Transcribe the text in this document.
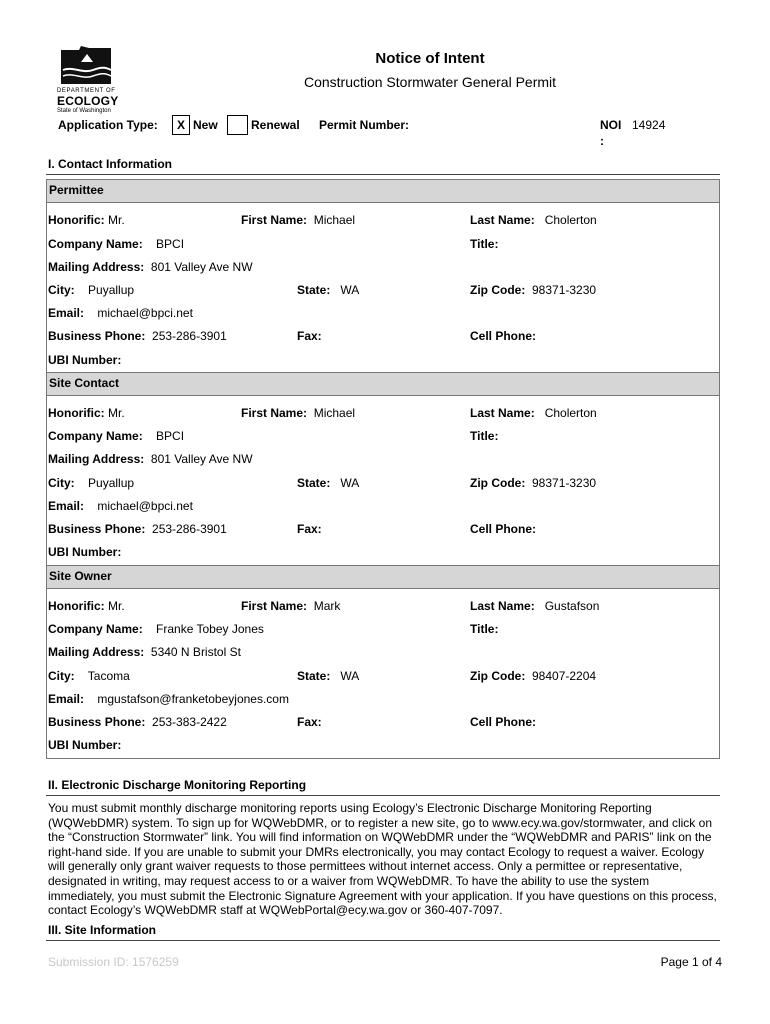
DEPARTMENT OF
ECOLOGY
State of Washington
Notice of Intent
Construction Stormwater General Permit
Application Type:	X New	Renewal Permit Number:	NOI
:
14924
I. Contact Information
Permittee
Honorific: Mr.	First Name: Michael	Last Name: Cholerton
Company Name: BPCI	Title:
Mailing Address: 801 Valley Ave NW
City: Puyallup	State: WA	Zip Code: 98371-3230
Email: michael@bpci.net
Business Phone: 253-286-3901	Fax:	Cell Phone:
UBI Number:
Site Contact
Honorific: Mr.	First Name: Michael	Last Name: Cholerton
Company Name: BPCI	Title:
Mailing Address: 801 Valley Ave NW
City: Puyallup	State: WA	Zip Code: 98371-3230
Email: michael@bpci.net
Business Phone: 253-286-3901	Fax:	Cell Phone:
UBI Number:
Site Owner
Honorific: Mr.	First Name: Mark	Last Name: Gustafson
Company Name: Franke Tobey Jones	Title:
Mailing Address: 5340 N Bristol St
City: Tacoma	State: WA	Zip Code: 98407-2204
Email: mgustafson@franketobeyjones.com
Business Phone: 253-383-2422	Fax:	Cell Phone:
UBI Number:
II. Electronic Discharge Monitoring Reporting
You must submit monthly discharge monitoring reports using Ecology’s Electronic Discharge Monitoring Reporting (WQWebDMR) system. To sign up for WQWebDMR, or to register a new site, go to www.ecy.wa.gov/stormwater, and click on the “Construction Stormwater” link. You will find information on WQWebDMR under the “WQWebDMR and PARIS” link on the right-hand side. If you are unable to submit your DMRs electronically, you may contact Ecology to request a waiver. Ecology will generally only grant waiver requests to those permittees without internet access. Only a permittee or representative, designated in writing, may request access to or a waiver from WQWebDMR. To have the ability to use the system immediately, you must submit the Electronic Signature Agreement with your application. If you have questions on this process, contact Ecology’s WQWebDMR staff at WQWebPortal@ecy.wa.gov or 360-407-7097.
III. Site Information
Submission ID: 1576259	Page 1 of 4
